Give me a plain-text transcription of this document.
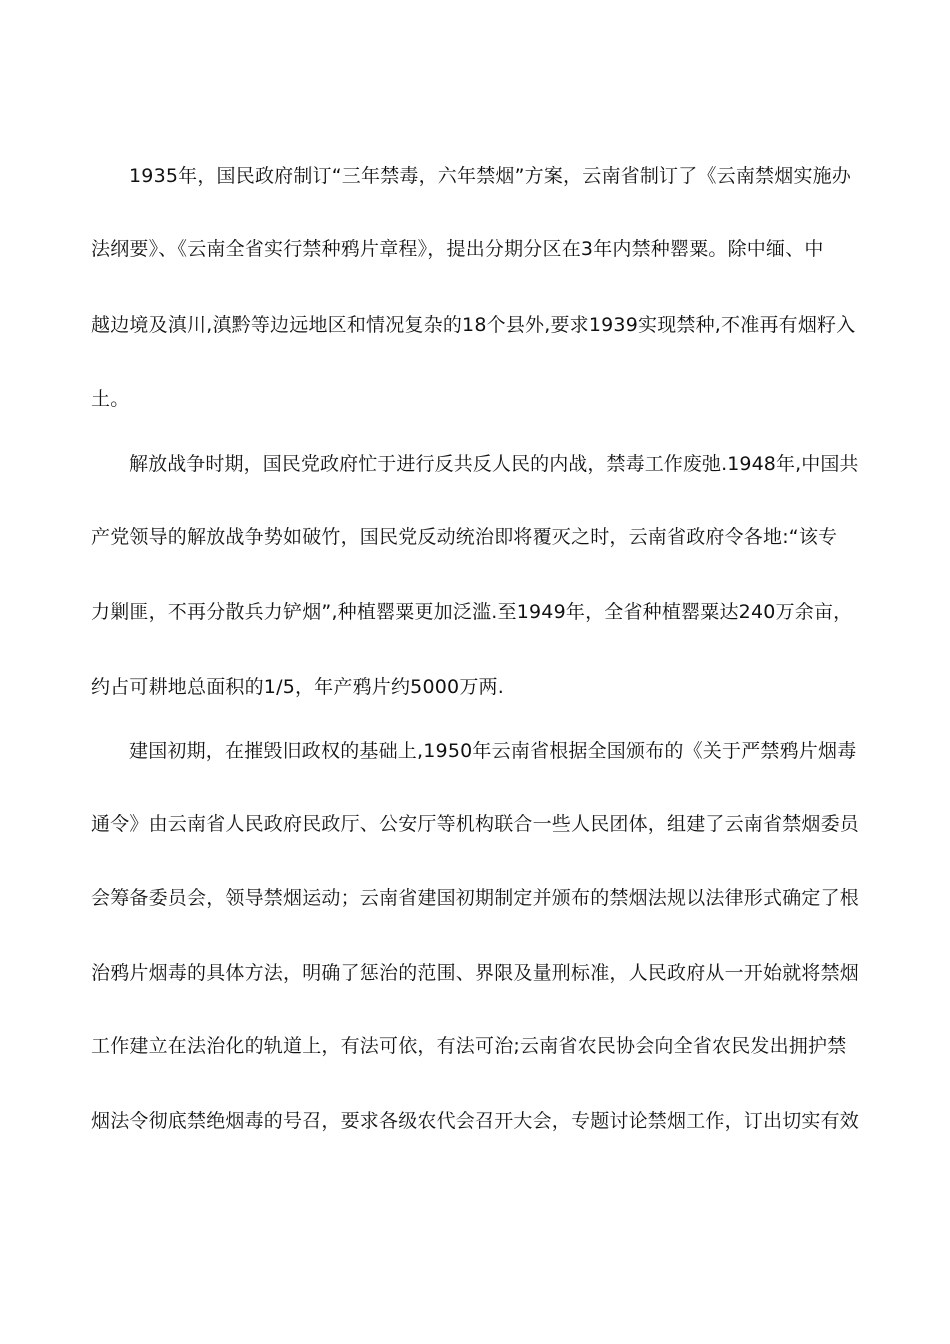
1935年，国民政府制订“三年禁毒，六年禁烟”方案，云南省制订了《云南禁烟实施办
法纲要》、《云南全省实行禁种鸦片章程》，提出分期分区在3年内禁种罂粟。除中缅、中
越边境及滇川,滇黔等边远地区和情况复杂的18个县外,要求1939实现禁种,不准再有烟籽入
土。
解放战争时期，国民党政府忙于进行反共反人民的内战，禁毒工作废弛.1948年,中国共
产党领导的解放战争势如破竹，国民党反动统治即将覆灭之时，云南省政府令各地:“该专
力剿匪，不再分散兵力铲烟”,种植罂粟更加泛滥.至1949年，全省种植罂粟达240万余亩，
约占可耕地总面积的1/5，年产鸦片约5000万两.
建国初期，在摧毁旧政权的基础上,1950年云南省根据全国颁布的《关于严禁鸦片烟毒
通令》由云南省人民政府民政厅、公安厅等机构联合一些人民团体，组建了云南省禁烟委员
会筹备委员会，领导禁烟运动；云南省建国初期制定并颁布的禁烟法规以法律形式确定了根
治鸦片烟毒的具体方法，明确了惩治的范围、界限及量刑标准，人民政府从一开始就将禁烟
工作建立在法治化的轨道上，有法可依，有法可治;云南省农民协会向全省农民发出拥护禁
烟法令彻底禁绝烟毒的号召，要求各级农代会召开大会，专题讨论禁烟工作，订出切实有效
